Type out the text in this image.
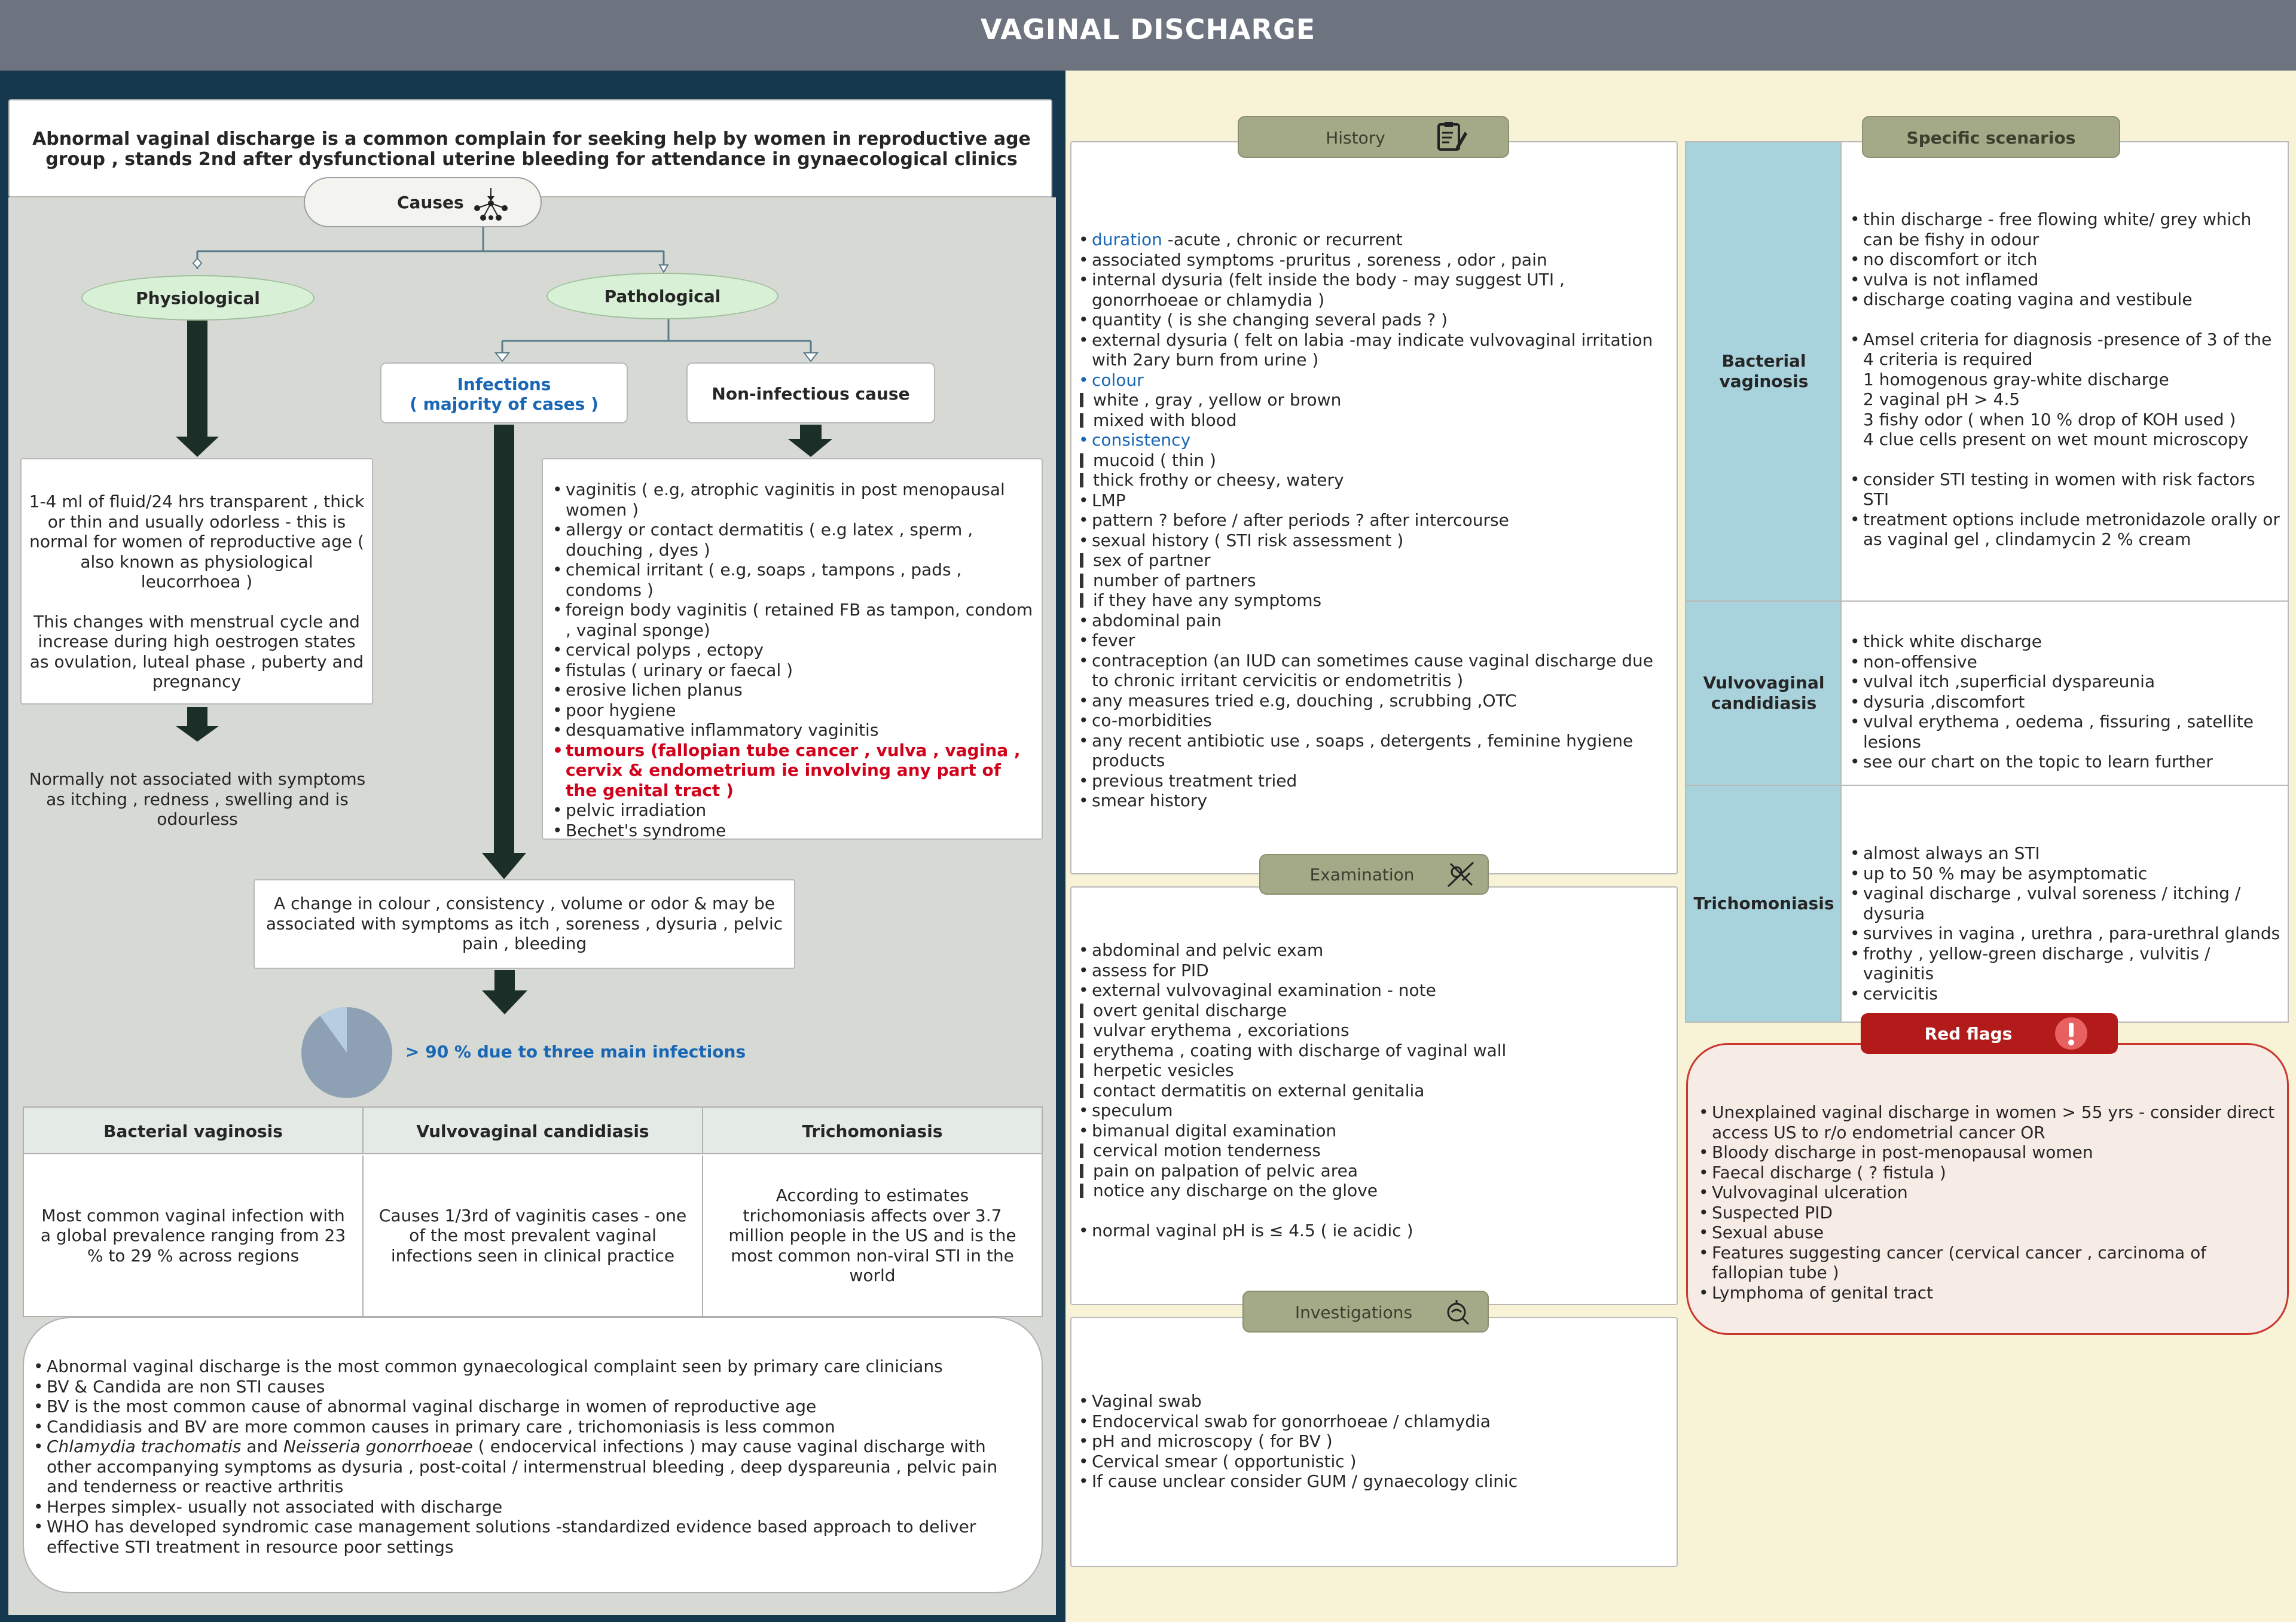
VAGINAL DISCHARGE
Abnormal vaginal discharge is a common complain for seeking help by women in reproductive age group , stands 2nd after dysfunctional uterine bleeding for attendance in gynaecological clinics
Causes
Physiological	Pathological
Infections
( majority of cases )
Non-infectious cause
1-4 ml of fluid/24 hrs transparent , thick or thin and usually odorless - this is normal for women of reproductive age ( also known as physiological leucorrhoea )
This changes with menstrual cycle and increase during high oestrogen states as ovulation, luteal phase , puberty and pregnancy
Normally not associated with symptoms as itching , redness , swelling and is odourless
• vaginitis ( e.g, atrophic vaginitis in post menopausal women )
• allergy or contact dermatitis ( e.g latex , sperm , douching , dyes )
• chemical irritant ( e.g, soaps , tampons , pads , condoms )
• foreign body vaginitis ( retained FB as tampon, condom , vaginal sponge)
• cervical polyps , ectopy
• fistulas ( urinary or faecal )
• erosive lichen planus
• poor hygiene
• desquamative inflammatory vaginitis
• tumours (fallopian tube cancer , vulva , vagina , cervix & endometrium ie involving any part of the genital tract )
• pelvic irradiation
• Bechet's syndrome
A change in colour , consistency , volume or odor & may be associated with symptoms as itch , soreness , dysuria , pelvic pain , bleeding
> 90 % due to three main infections
Bacterial vaginosis	Vulvovaginal candidiasis	Trichomoniasis
Most common vaginal infection with a global prevalence ranging from 23 % to 29 % across regions
Causes 1/3rd of vaginitis cases - one of the most prevalent vaginal infections seen in clinical practice
According to estimates trichomoniasis affects over 3.7 million people in the US and is the most common non-viral STI in the world
• Abnormal vaginal discharge is the most common gynaecological complaint seen by primary care clinicians
• BV & Candida are non STI causes
• BV is the most common cause of abnormal vaginal discharge in women of reproductive age
• Candidiasis and BV are more common causes in primary care , trichomoniasis is less common
• Chlamydia trachomatis and Neisseria gonorrhoeae ( endocervical infections ) may cause vaginal discharge with other accompanying symptoms as dysuria , post-coital / intermenstrual bleeding , deep dyspareunia , pelvic pain and tenderness or reactive arthritis
• Herpes simplex- usually not associated with discharge
• WHO has developed syndromic case management solutions -standardized evidence based approach to deliver effective STI treatment in resource poor settings
• duration -acute , chronic or recurrent
• associated symptoms -pruritus , soreness , odor , pain
• internal dysuria (felt inside the body - may suggest UTI , gonorrhoeae or chlamydia )
• quantity ( is she changing several pads ? )
• external dysuria ( felt on labia -may indicate vulvovaginal irritation with 2ary burn from urine )
• colour
white , gray , yellow or brown
mixed with blood
• consistency
mucoid ( thin )
thick frothy or cheesy, watery
• LMP
• pattern ? before / after periods ? after intercourse
• sexual history ( STI risk assessment )
sex of partner
number of partners
if they have any symptoms
• abdominal pain
• fever
• contraception (an IUD can sometimes cause vaginal discharge due to chronic irritant cervicitis or endometritis )
• any measures tried e.g, douching , scrubbing ,OTC
• co-morbidities
• any recent antibiotic use , soaps , detergents , feminine hygiene products
• previous treatment tried
• smear history
History
• abdominal and pelvic exam
• assess for PID
• external vulvovaginal examination - note
overt genital discharge
vulvar erythema , excoriations
erythema , coating with discharge of vaginal wall
herpetic vesicles
contact dermatitis on external genitalia
• speculum
• bimanual digital examination
cervical motion tenderness
pain on palpation of pelvic area
notice any discharge on the glove
• normal vaginal pH is ≤ 4.5 ( ie acidic )
Examination
• Vaginal swab
• Endocervical swab for gonorrhoeae / chlamydia
• pH and microscopy ( for BV )
• Cervical smear ( opportunistic )
• If cause unclear consider GUM / gynaecology clinic
Investigations
Bacterial
vaginosis
Vulvovaginal
candidiasis
Trichomoniasis
• thin discharge - free flowing white/ grey which can be fishy in odour
• no discomfort or itch
• vulva is not inflamed
• discharge coating vagina and vestibule
• Amsel criteria for diagnosis -presence of 3 of the 4 criteria is required
1 homogenous gray-white discharge
2 vaginal pH > 4.5
3 fishy odor ( when 10 % drop of KOH used )
4 clue cells present on wet mount microscopy
• consider STI testing in women with risk factors STI
• treatment options include metronidazole orally or as vaginal gel , clindamycin 2 % cream
• thick white discharge
• non-offensive
• vulval itch ,superficial dyspareunia
• dysuria ,discomfort
• vulval erythema , oedema , fissuring , satellite lesions
• see our chart on the topic to learn further
• almost always an STI
• up to 50 % may be asymptomatic
• vaginal discharge , vulval soreness / itching / dysuria
• survives in vagina , urethra , para-urethral glands
• frothy , yellow-green discharge , vulvitis / vaginitis
• cervicitis
Specific scenarios
• Unexplained vaginal discharge in women > 55 yrs - consider direct access US to r/o endometrial cancer OR
• Bloody discharge in post-menopausal women
• Faecal discharge ( ? fistula )
• Vulvovaginal ulceration
• Suspected PID
• Sexual abuse
• Features suggesting cancer (cervical cancer , carcinoma of fallopian tube )
• Lymphoma of genital tract
Red flags
